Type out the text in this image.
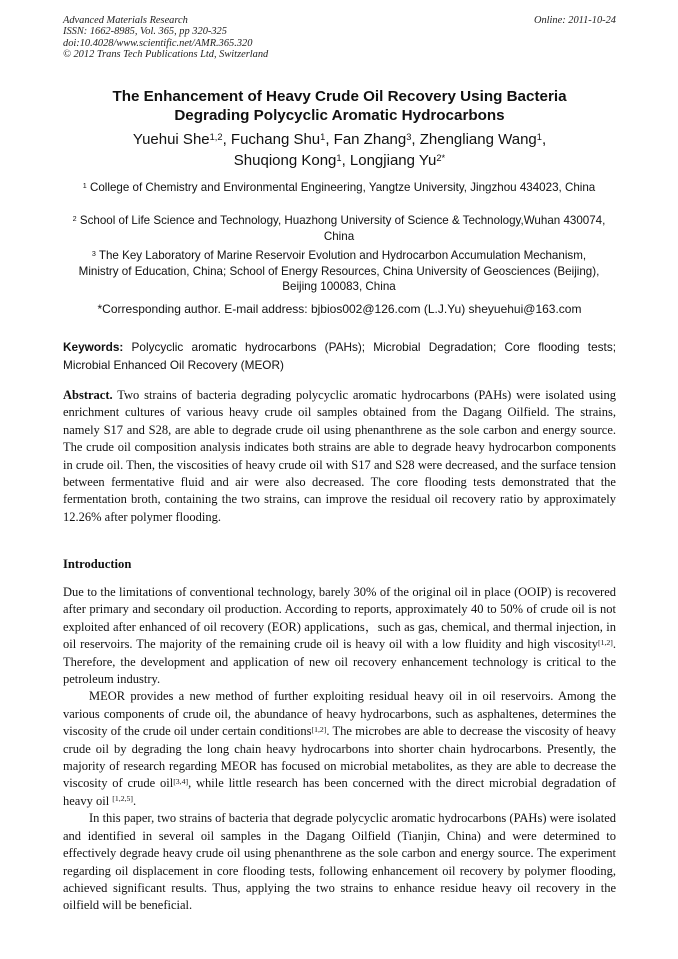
Advanced Materials Research
ISSN: 1662-8985, Vol. 365, pp 320-325
doi:10.4028/www.scientific.net/AMR.365.320
© 2012 Trans Tech Publications Ltd, Switzerland
Online: 2011-10-24
The Enhancement of Heavy Crude Oil Recovery Using Bacteria
Degrading Polycyclic Aromatic Hydrocarbons
Yuehui She$^{1,2}$, Fuchang Shu$^1$, Fan Zhang$^3$, Zhengliang Wang$^1$,
Shuqiong Kong$^1$, Longjiang $Yu^{2*}$
$^1$ College of Chemistry and Environmental Engineering, Yangtze University, Jingzhou 434023, China
$^2$ School of Life Science and Technology, Huazhong University of Science & Technology,Wuhan 430074, China
$^3$ The Key Laboratory of Marine Reservoir Evolution and Hydrocarbon Accumulation Mechanism, Ministry of Education, China; School of Energy Resources, China University of Geosciences (Beijing), Beijing 100083, China
*Corresponding author. E-mail address: bjbios002@126.com (L.J.Yu) sheyuehui@163.com
Keywords: Polycyclic aromatic hydrocarbons (PAHs); Microbial Degradation; Core flooding tests; Microbial Enhanced Oil Recovery (MEOR)
Abstract. Two strains of bacteria degrading polycyclic aromatic hydrocarbons (PAHs) were isolated using enrichment cultures of various heavy crude oil samples obtained from the Dagang Oilfield. The strains, namely S17 and S28, are able to degrade crude oil using phenanthrene as the sole carbon and energy source. The crude oil composition analysis indicates both strains are able to degrade heavy hydrocarbon components in crude oil. Then, the viscosities of heavy crude oil with S17 and S28 were decreased, and the surface tension between fermentative fluid and air were also decreased. The core flooding tests demonstrated that the fermentation broth, containing the two strains, can improve the residual oil recovery ratio by approximately 12.26% after polymer flooding.
Introduction

Due to the limitations of conventional technology, barely 30% of the original oil in place (OOIP) is recovered after primary and secondary oil production. According to reports, approximately 40 to 50% of crude oil is not exploited after enhanced of oil recovery (EOR) applications，such as gas, chemical, and thermal injection, in oil reservoirs. The majority of the remaining crude oil is heavy oil with a low fluidity and high viscosity[1,2]. Therefore, the development and application of new oil recovery enhancement technology is critical to the petroleum industry.

MEOR provides a new method of further exploiting residual heavy oil in oil reservoirs. Among the various components of crude oil, the abundance of heavy hydrocarbons, such as asphaltenes, determines the viscosity of the crude oil under certain conditions[1,2]. The microbes are able to decrease the viscosity of heavy crude oil by degrading the long chain heavy hydrocarbons into shorter chain hydrocarbons. Presently, the majority of research regarding MEOR has focused on microbial metabolites, as they are able to decrease the viscosity of crude oil[3,4], while little research has been concerned with the direct microbial degradation of heavy oil [1,2,5].

In this paper, two strains of bacteria that degrade polycyclic aromatic hydrocarbons (PAHs) were isolated and identified in several oil samples in the Dagang Oilfield (Tianjin, China) and were determined to effectively degrade heavy crude oil using phenanthrene as the sole carbon and energy source. The experiment regarding oil displacement in core flooding tests, following enhancement oil recovery by polymer flooding, achieved significant results. Thus, applying the two strains to enhance residue heavy oil recovery in the oilfield will be beneficial.
